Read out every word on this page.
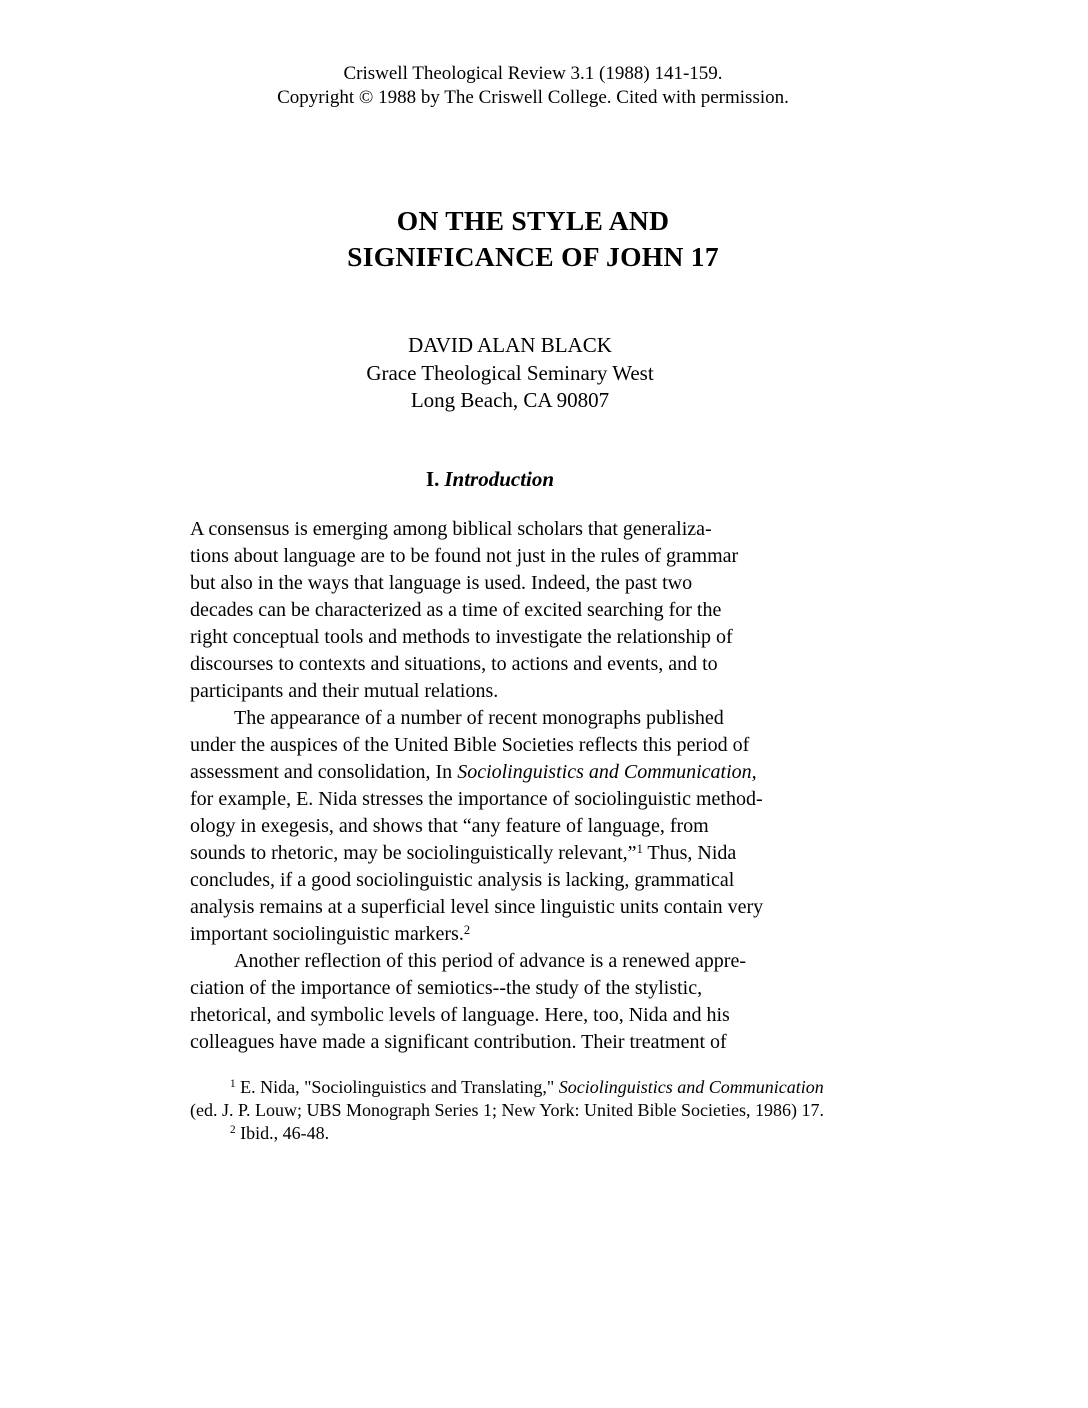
Criswell Theological Review 3.1 (1988) 141-159.
Copyright © 1988 by The Criswell College. Cited with permission.
ON THE STYLE AND
SIGNIFICANCE OF JOHN 17
DAVID ALAN BLACK
Grace Theological Seminary West
Long Beach, CA 90807
I. Introduction
A consensus is emerging among biblical scholars that generaliza-
tions about language are to be found not just in the rules of grammar
but also in the ways that language is used. Indeed, the past two
decades can be characterized as a time of excited searching for the
right conceptual tools and methods to investigate the relationship of
discourses to contexts and situations, to actions and events, and to
participants and their mutual relations.
The appearance of a number of recent monographs published
under the auspices of the United Bible Societies reflects this period of
assessment and consolidation, In Sociolinguistics and Communication,
for example, E. Nida stresses the importance of sociolinguistic method-
ology in exegesis, and shows that “any feature of language, from
sounds to rhetoric, may be sociolinguistically relevant,”$^1$ Thus, Nida
concludes, if a good sociolinguistic analysis is lacking, grammatical
analysis remains at a superficial level since linguistic units contain very
important sociolinguistic markers.$^2$
Another reflection of this period of advance is a renewed appre-
ciation of the importance of semiotics--the study of the stylistic,
rhetorical, and symbolic levels of language. Here, too, Nida and his
colleagues have made a significant contribution. Their treatment of
$^1$ E. Nida, "Sociolinguistics and Translating," Sociolinguistics and Communication
(ed. J. P. Louw; UBS Monograph Series 1; New York: United Bible Societies, 1986) 17.
$^2$ Ibid., 46-48.
